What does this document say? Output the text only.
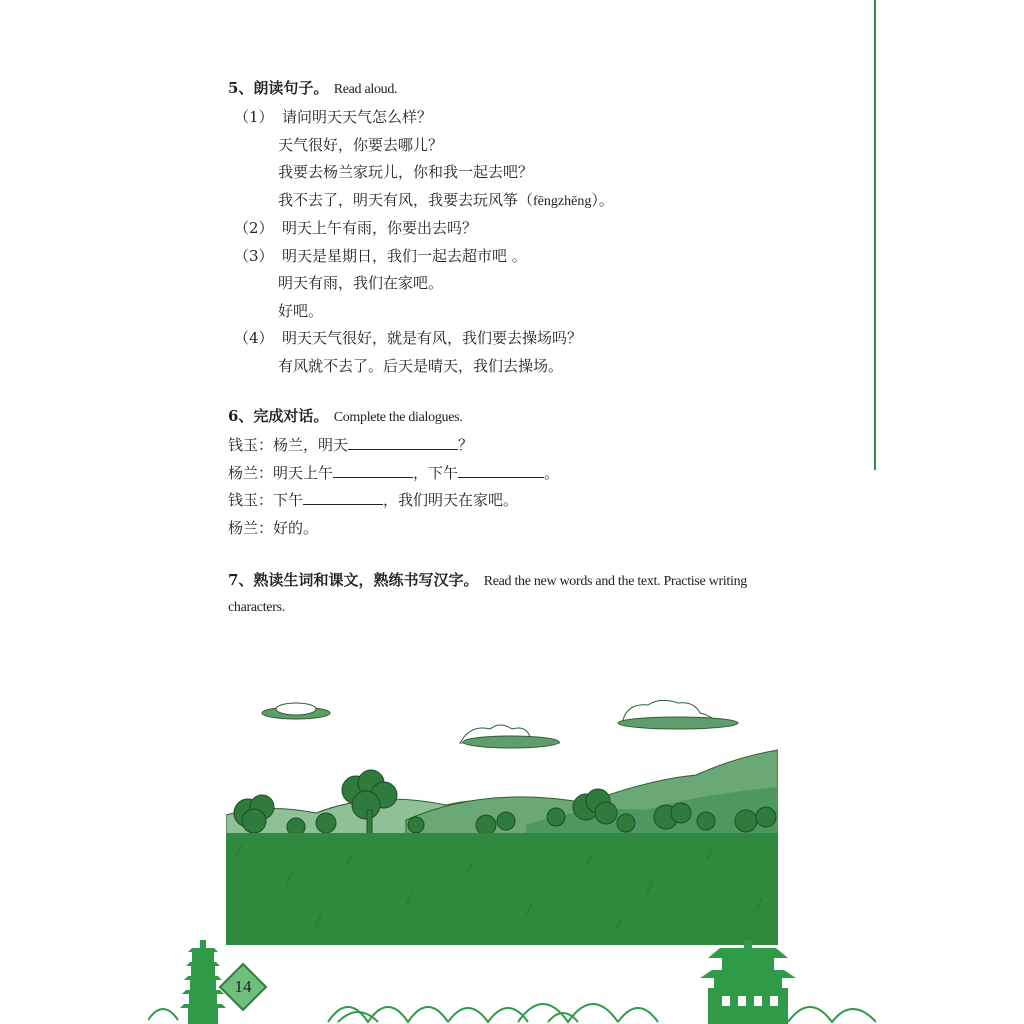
5、朗读句子。 Read aloud.

（1） 请问明天天气怎么样？
天气很好，你要去哪儿？
我要去杨兰家玩儿，你和我一起去吧？
我不去了，明天有风，我要去玩风筝（fēngzhēng）。
（2） 明天上午有雨，你要出去吗？
（3） 明天是星期日，我们一起去超市吧 。
明天有雨，我们在家吧。
好吧。
（4） 明天天气很好，就是有风，我们要去操场吗？
有风就不去了。后天是晴天，我们去操场。

6、完成对话。 Complete the dialogues.

钱玉：杨兰，明天	？
杨兰：明天上午	，下午	。
钱玉：下午	，我们明天在家吧。
杨兰：好的。

7、熟读生词和课文，熟练书写汉字。 Read the new words and the text. Practise writing characters.

14
